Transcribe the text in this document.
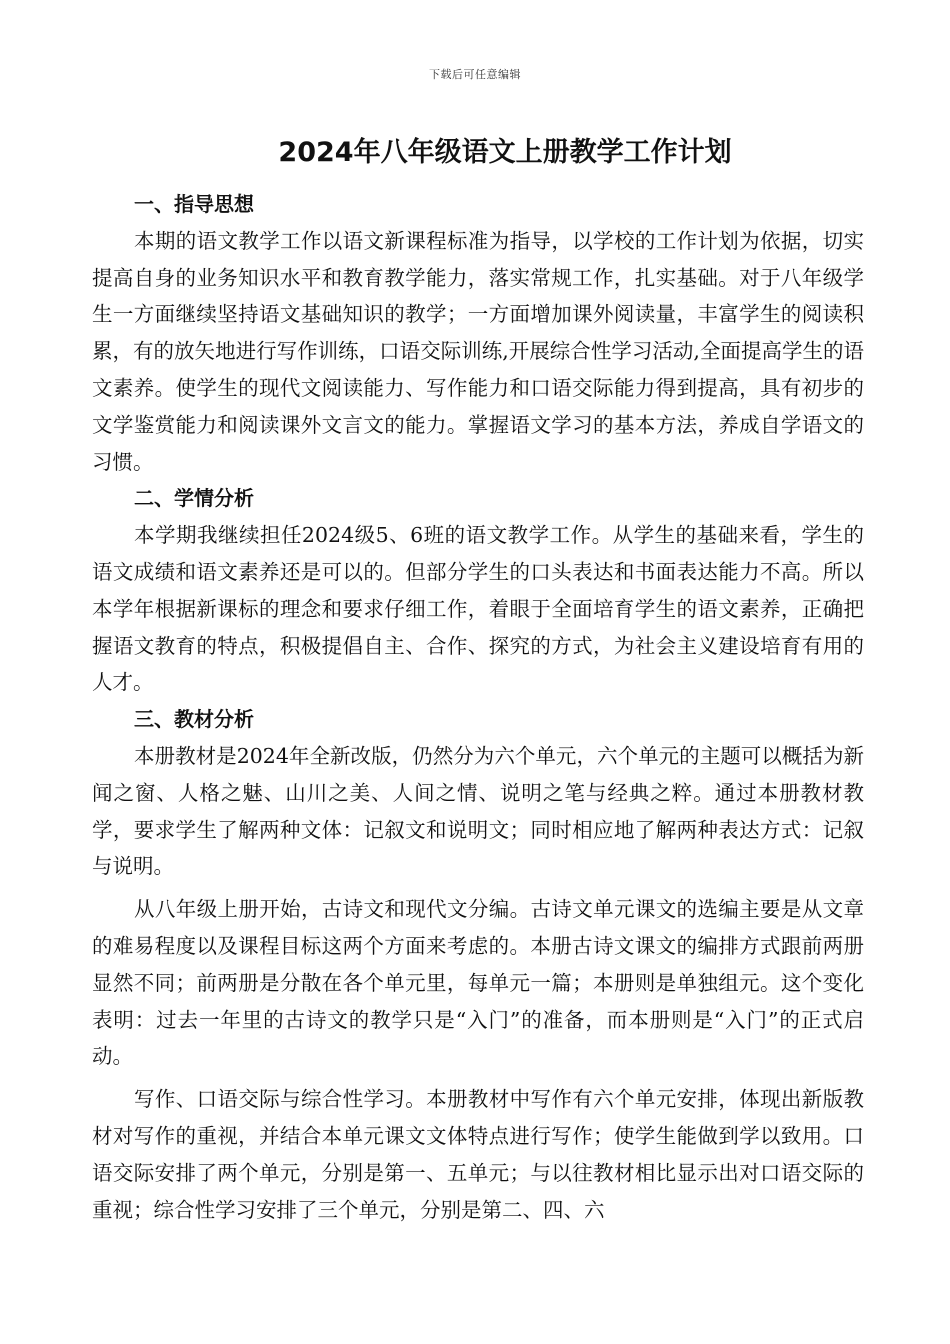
下载后可任意编辑
2024年八年级语文上册教学工作计划

一、指导思想

本期的语文教学工作以语文新课程标准为指导，以学校的工作计划为依据，切实提高自身的业务知识水平和教育教学能力，落实常规工作，扎实基础。对于八年级学生一方面继续坚持语文基础知识的教学；一方面增加课外阅读量，丰富学生的阅读积累，有的放矢地进行写作训练，口语交际训练,开展综合性学习活动,全面提高学生的语文素养。使学生的现代文阅读能力、写作能力和口语交际能力得到提高，具有初步的文学鉴赏能力和阅读课外文言文的能力。掌握语文学习的基本方法，养成自学语文的习惯。

二、学情分析

本学期我继续担任2024级5、6班的语文教学工作。从学生的基础来看，学生的语文成绩和语文素养还是可以的。但部分学生的口头表达和书面表达能力不高。所以本学年根据新课标的理念和要求仔细工作，着眼于全面培育学生的语文素养，正确把握语文教育的特点，积极提倡自主、合作、探究的方式，为社会主义建设培育有用的人才。

三、教材分析

本册教材是2024年全新改版，仍然分为六个单元，六个单元的主题可以概括为新闻之窗、人格之魅、山川之美、人间之情、说明之笔与经典之粹。通过本册教材教学，要求学生了解两种文体：记叙文和说明文；同时相应地了解两种表达方式：记叙与说明。

从八年级上册开始，古诗文和现代文分编。古诗文单元课文的选编主要是从文章的难易程度以及课程目标这两个方面来考虑的。本册古诗文课文的编排方式跟前两册显然不同；前两册是分散在各个单元里，每单元一篇；本册则是单独组元。这个变化表明：过去一年里的古诗文的教学只是“入门”的准备，而本册则是“入门”的正式启动。

写作、口语交际与综合性学习。本册教材中写作有六个单元安排，体现出新版教材对写作的重视，并结合本单元课文文体特点进行写作；使学生能做到学以致用。口语交际安排了两个单元，分别是第一、五单元；与以往教材相比显示出对口语交际的重视；综合性学习安排了三个单元，分别是第二、四、六
